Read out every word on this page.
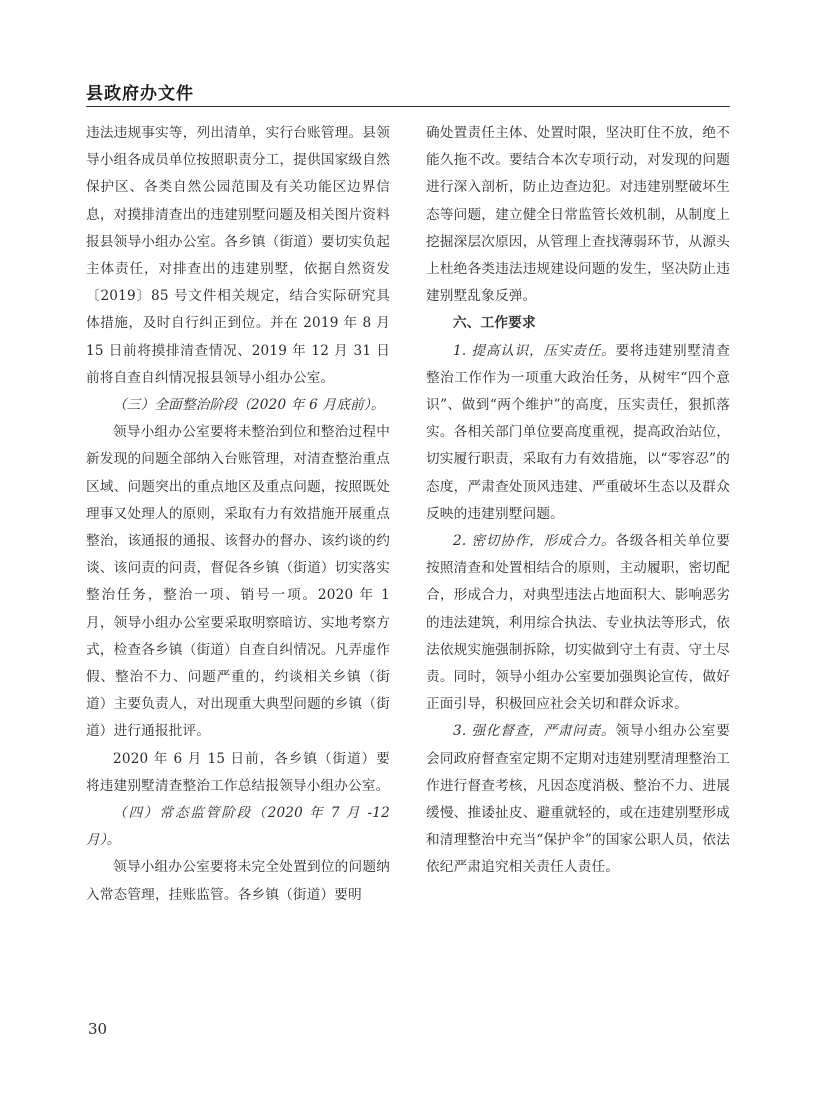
县政府办文件

违法违规事实等，列出清单，实行台账管理。县领导小组各成员单位按照职责分工，提供国家级自然保护区、各类自然公园范围及有关功能区边界信息，对摸排清查出的违建别墅问题及相关图片资料报县领导小组办公室。各乡镇（街道）要切实负起主体责任，对排查出的违建别墅，依据自然资发〔2019〕85 号文件相关规定，结合实际研究具体措施，及时自行纠正到位。并在 2019 年 8 月 15 日前将摸排清查情况、2019 年 12 月 31 日前将自查自纠情况报县领导小组办公室。

（三）全面整治阶段（2020 年 6 月底前）。

领导小组办公室要将未整治到位和整治过程中新发现的问题全部纳入台账管理，对清查整治重点区域、问题突出的重点地区及重点问题，按照既处理事又处理人的原则，采取有力有效措施开展重点整治，该通报的通报、该督办的督办、该约谈的约谈、该问责的问责，督促各乡镇（街道）切实落实整治任务，整治一项、销号一项。2020 年 1 月，领导小组办公室要采取明察暗访、实地考察方式，检查各乡镇（街道）自查自纠情况。凡弄虚作假、整治不力、问题严重的，约谈相关乡镇（街道）主要负责人，对出现重大典型问题的乡镇（街道）进行通报批评。

2020 年 6 月 15 日前，各乡镇（街道）要将违建别墅清查整治工作总结报领导小组办公室。

（四）常态监管阶段（2020 年 7 月 -12 月）。

领导小组办公室要将未完全处置到位的问题纳入常态管理，挂账监管。各乡镇（街道）要明

确处置责任主体、处置时限，坚决盯住不放，绝不能久拖不改。要结合本次专项行动，对发现的问题进行深入剖析，防止边查边犯。对违建别墅破坏生态等问题，建立健全日常监管长效机制，从制度上挖掘深层次原因，从管理上查找薄弱环节，从源头上杜绝各类违法违规建设问题的发生，坚决防止违建别墅乱象反弹。

六、工作要求

1. 提高认识，压实责任。要将违建别墅清查整治工作作为一项重大政治任务，从树牢“四个意识”、做到“两个维护”的高度，压实责任，狠抓落实。各相关部门单位要高度重视，提高政治站位，切实履行职责，采取有力有效措施，以“零容忍”的态度，严肃查处顶风违建、严重破坏生态以及群众反映的违建别墅问题。

2. 密切协作，形成合力。各级各相关单位要按照清查和处置相结合的原则，主动履职，密切配合，形成合力，对典型违法占地面积大、影响恶劣的违法建筑，利用综合执法、专业执法等形式，依法依规实施强制拆除，切实做到守土有责、守土尽责。同时，领导小组办公室要加强舆论宣传，做好正面引导，积极回应社会关切和群众诉求。

3. 强化督查，严肃问责。领导小组办公室要会同政府督查室定期不定期对违建别墅清理整治工作进行督查考核，凡因态度消极、整治不力、进展缓慢、推诿扯皮、避重就轻的，或在违建别墅形成和清理整治中充当“保护伞”的国家公职人员，依法依纪严肃追究相关责任人责任。

30
